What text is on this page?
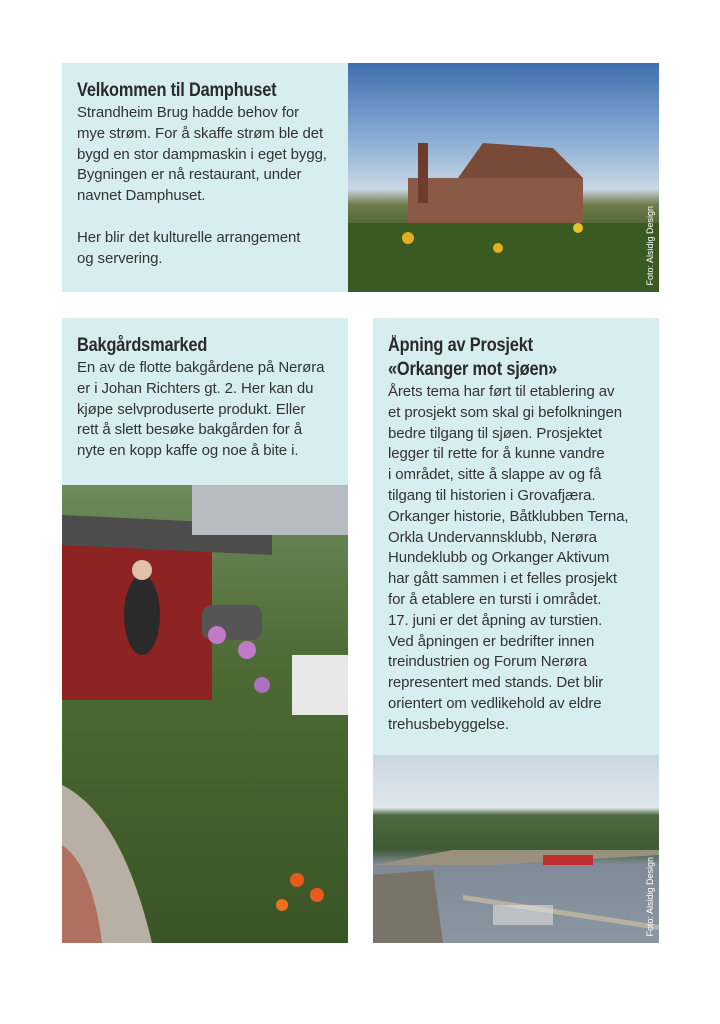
Velkommen til Damphuset
Strandheim Brug hadde behov for
mye strøm. For å skaffe strøm ble det
bygd en stor dampmaskin i eget bygg,
Bygningen er nå restaurant, under
navnet Damphuset.
Her blir det kulturelle arrangement
og servering.	Foto: Alsidig Design
Bakgårdsmarked
En av de flotte bakgårdene på Nerøra
er i Johan Richters gt. 2. Her kan du
kjøpe selvproduserte produkt. Eller
rett å slett besøke bakgården for å
nyte en kopp kaffe og noe å bite i.
Åpning av Prosjekt
«Orkanger mot sjøen»
Årets tema har ført til etablering av
et prosjekt som skal gi befolkningen
bedre tilgang til sjøen. Prosjektet
legger til rette for å kunne vandre
i området, sitte å slappe av og få
tilgang til historien i Grovafjæra.
Orkanger historie, Båtklubben Terna,
Orkla Undervannsklubb, Nerøra
Hundeklubb og Orkanger Aktivum
har gått sammen i et felles prosjekt
for å etablere en tursti i området.
17. juni er det åpning av turstien.
Ved åpningen er bedrifter innen
treindustrien og Forum Nerøra
representert med stands. Det blir
orientert om vedlikehold av eldre
trehusbebyggelse.
Foto: Alsidig Design
